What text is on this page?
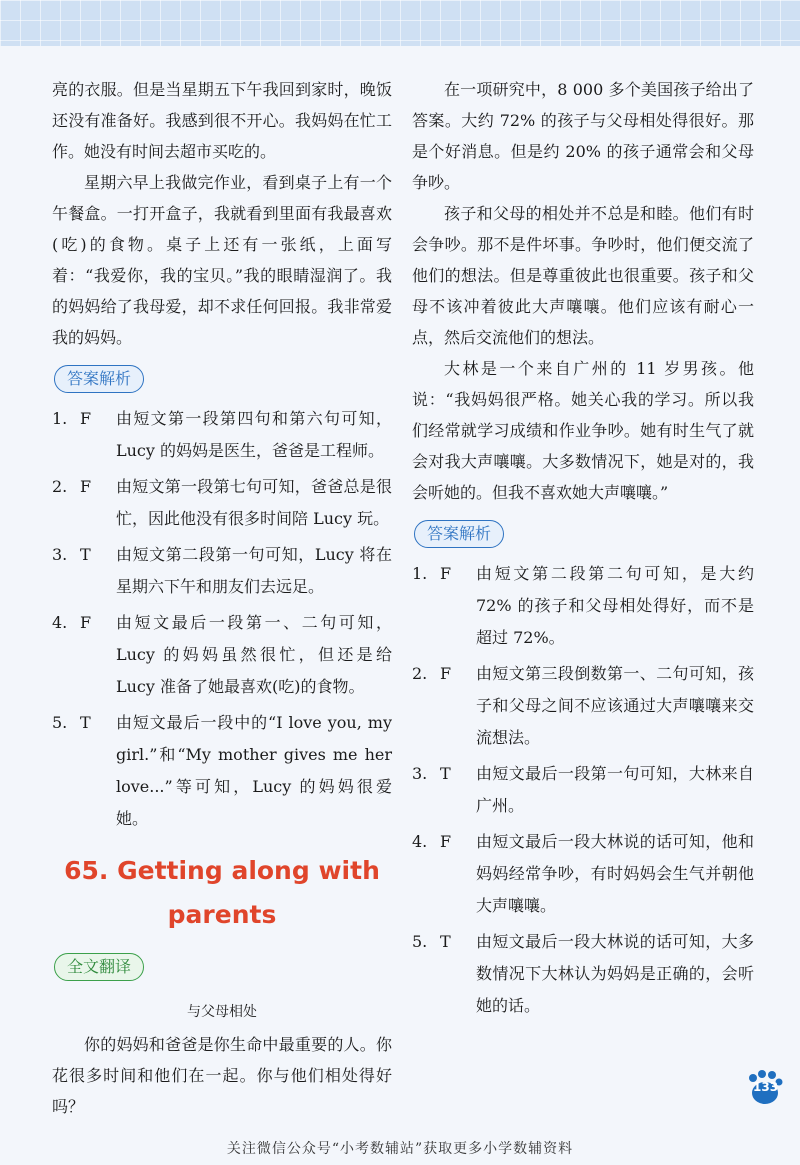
亮的衣服。但是当星期五下午我回到家时，晚饭还没有准备好。我感到很不开心。我妈妈在忙工作。她没有时间去超市买吃的。

星期六早上我做完作业，看到桌子上有一个午餐盒。一打开盒子，我就看到里面有我最喜欢(吃)的食物。桌子上还有一张纸，上面写着：“我爱你，我的宝贝。”我的眼睛湿润了。我的妈妈给了我母爱，却不求任何回报。我非常爱我的妈妈。

答案解析
1. F	由短文第一段第四句和第六句可知，Lucy 的妈妈是医生，爸爸是工程师。
2. F	由短文第一段第七句可知，爸爸总是很忙，因此他没有很多时间陪 Lucy 玩。
3. T	由短文第二段第一句可知，Lucy 将在星期六下午和朋友们去远足。
4. F	由短文最后一段第一、二句可知，Lucy 的妈妈虽然很忙，但还是给 Lucy 准备了她最喜欢(吃)的食物。
5. T	由短文最后一段中的“I love you, my girl.”和“My mother gives me her love...”等可知，Lucy 的妈妈很爱她。
65. Getting along with
parents
全文翻译
与父母相处

你的妈妈和爸爸是你生命中最重要的人。你花很多时间和他们在一起。你与他们相处得好吗？

在一项研究中，8 000 多个美国孩子给出了答案。大约 72% 的孩子与父母相处得很好。那是个好消息。但是约 20% 的孩子通常会和父母争吵。

孩子和父母的相处并不总是和睦。他们有时会争吵。那不是件坏事。争吵时，他们便交流了他们的想法。但是尊重彼此也很重要。孩子和父母不该冲着彼此大声嚷嚷。他们应该有耐心一点，然后交流他们的想法。

大林是一个来自广州的 11 岁男孩。他说：“我妈妈很严格。她关心我的学习。所以我们经常就学习成绩和作业争吵。她有时生气了就会对我大声嚷嚷。大多数情况下，她是对的，我会听她的。但我不喜欢她大声嚷嚷。”

答案解析
1. F	由短文第二段第二句可知，是大约 72% 的孩子和父母相处得好，而不是超过 72%。
2. F	由短文第三段倒数第一、二句可知，孩子和父母之间不应该通过大声嚷嚷来交流想法。
3. T	由短文最后一段第一句可知，大林来自广州。
4. F	由短文最后一段大林说的话可知，他和妈妈经常争吵，有时妈妈会生气并朝他大声嚷嚷。
5. T	由短文最后一段大林说的话可知，大多数情况下大林认为妈妈是正确的，会听她的话。
133
关注微信公众号“小考数辅站”获取更多小学数辅资料
